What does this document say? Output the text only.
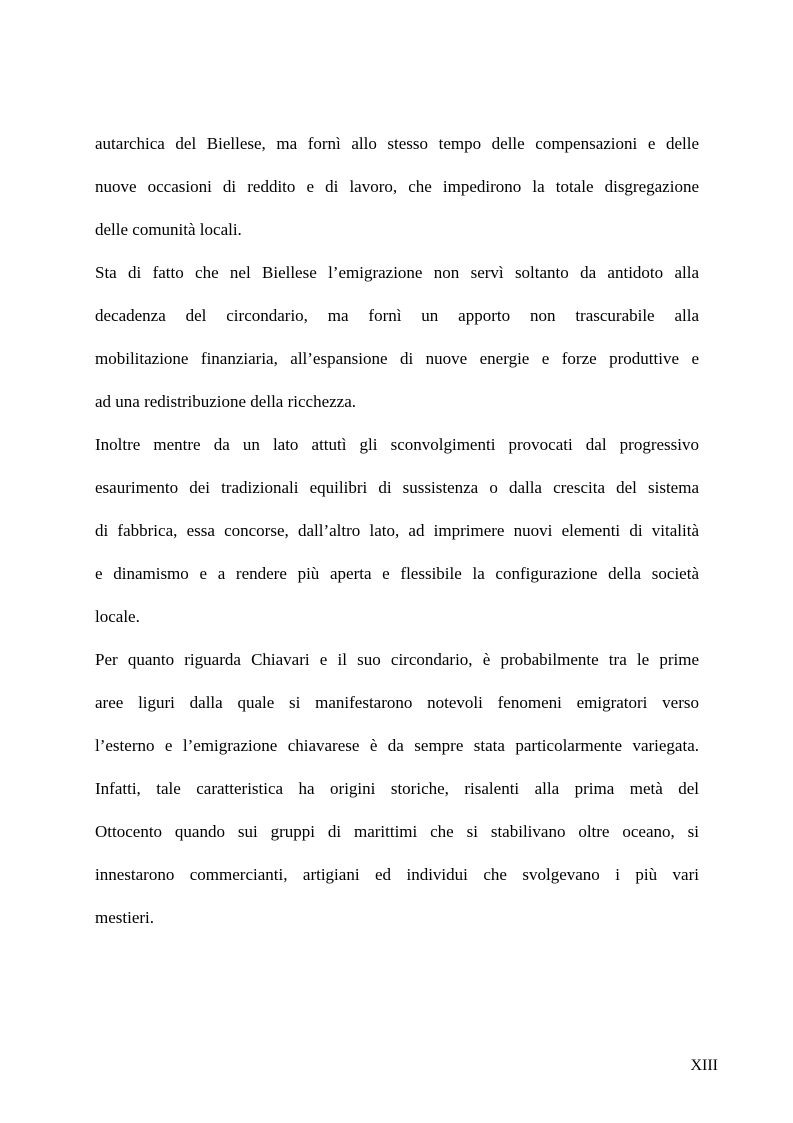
autarchica del Biellese, ma fornì allo stesso tempo delle compensazioni e delle
nuove occasioni di reddito e di lavoro, che impedirono la totale disgregazione
delle comunità locali.
Sta di fatto che nel Biellese l’emigrazione non servì soltanto da antidoto alla
decadenza del circondario, ma fornì un apporto non trascurabile alla
mobilitazione finanziaria, all’espansione di nuove energie e forze produttive e
ad una redistribuzione della ricchezza.
Inoltre mentre da un lato attutì gli sconvolgimenti provocati dal progressivo
esaurimento dei tradizionali equilibri di sussistenza o dalla crescita del sistema
di fabbrica, essa concorse, dall’altro lato, ad imprimere nuovi elementi di vitalità
e dinamismo e a rendere più aperta e flessibile la configurazione della società
locale.
Per quanto riguarda Chiavari e il suo circondario, è probabilmente tra le prime
aree liguri dalla quale si manifestarono notevoli fenomeni emigratori verso
l’esterno e l’emigrazione chiavarese è da sempre stata particolarmente variegata.
Infatti, tale caratteristica ha origini storiche, risalenti alla prima metà del
Ottocento quando sui gruppi di marittimi che si stabilivano oltre oceano, si
innestarono commercianti, artigiani ed individui che svolgevano i più vari
mestieri.
XIII
